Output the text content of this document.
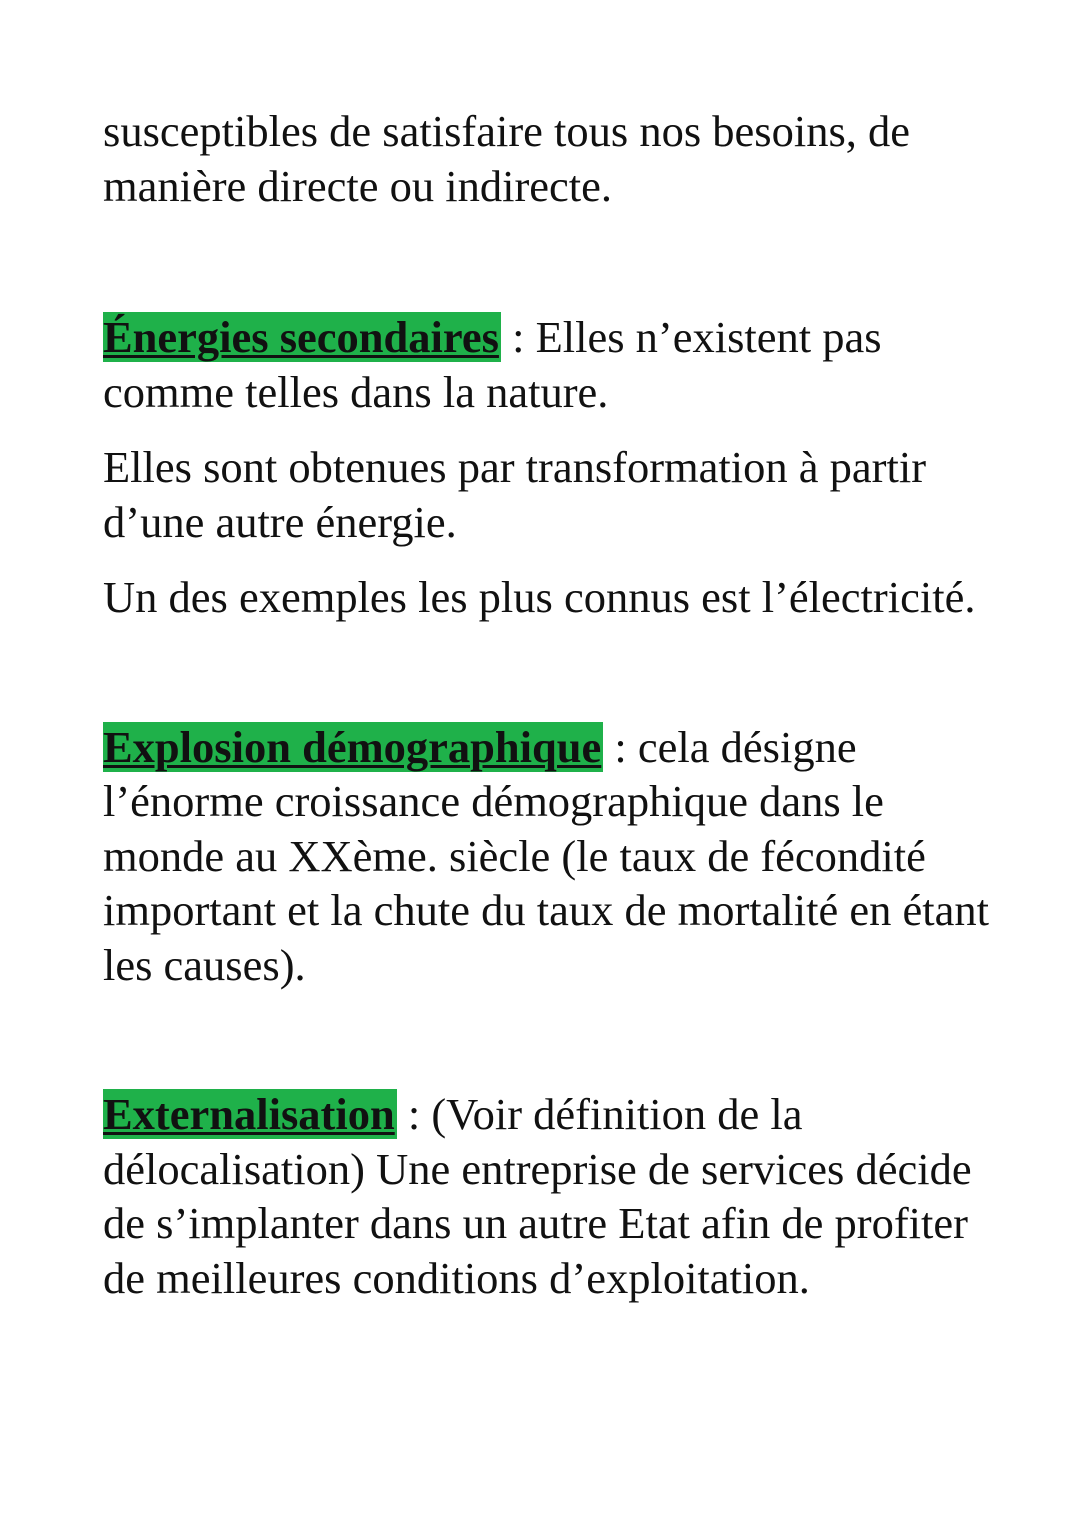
susceptibles de satisfaire tous nos besoins, de manière directe ou indirecte.

Énergies secondaires : Elles n’existent pas comme telles dans la nature.

Elles sont obtenues par transformation à partir d’une autre énergie.

Un des exemples les plus connus est l’électricité.

Explosion démographique : cela désigne l’énorme croissance démographique dans le monde au XXème. siècle (le taux de fécondité important et la chute du taux de mortalité en étant les causes).

Externalisation : (Voir définition de la délocalisation) Une entreprise de services décide de s’implanter dans un autre Etat afin de profiter de meilleures conditions d’exploitation.
